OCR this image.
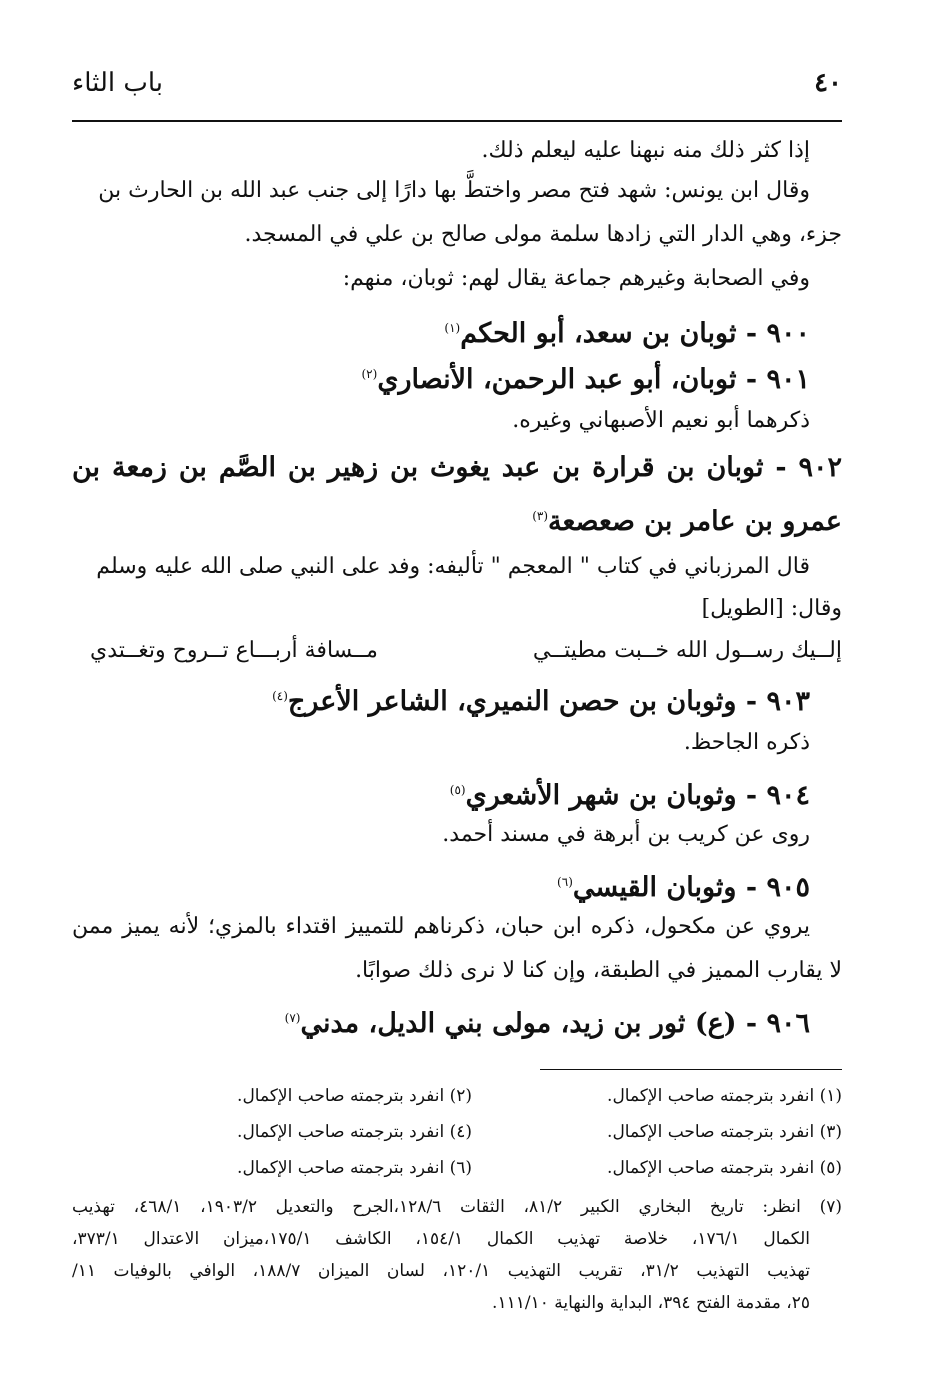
٤٠
باب الثاء
إذا كثر ذلك منه نبهنا عليه ليعلم ذلك.
وقال ابن يونس: شهد فتح مصر واختطَّ بها دارًا إلى جنب عبد الله بن الحارث بن
جزء، وهي الدار التي زادها سلمة مولى صالح بن علي في المسجد.
وفي الصحابة وغيرهم جماعة يقال لهم: ثوبان، منهم:
٩٠٠ - ثوبان بن سعد، أبو الحكم$^{(١)}$
٩٠١ - ثوبان، أبو عبد الرحمن، الأنصاري$^{(٢)}$
ذكرهما أبو نعيم الأصبهاني وغيره.
٩٠٢ - ثوبان بن قرارة بن عبد يغوث بن زهير بن الصَّم بن زمعة بن
عمرو بن عامر بن صعصعة$^{(٣)}$
قال المرزباني في كتاب " المعجم " تأليفه: وفد على النبي صلى الله عليه وسلم
وقال: [الطويل]
إلــيك رســول الله خــبت مطيتــي
مــسافة أربـــاع تــروح وتغــتدي
٩٠٣ - وثوبان بن حصن النميري، الشاعر الأعرج$^{(٤)}$
ذكره الجاحظ.
٩٠٤ - وثوبان بن شهر الأشعري$^{(٥)}$
روى عن كريب بن أبرهة في مسند أحمد.
٩٠٥ - وثوبان القيسي$^{(٦)}$
يروي عن مكحول، ذكره ابن حبان، ذكرناهم للتمييز اقتداء بالمزي؛ لأنه يميز ممن
لا يقارب المميز في الطبقة، وإن كنا لا نرى ذلك صوابًا.
٩٠٦ - (ع) ثور بن زيد، مولى بني الديل، مدني$^{(٧)}$
(١) انفرد بترجمته صاحب الإكمال.
(٢) انفرد بترجمته صاحب الإكمال.
(٣) انفرد بترجمته صاحب الإكمال.
(٤) انفرد بترجمته صاحب الإكمال.
(٥) انفرد بترجمته صاحب الإكمال.
(٦) انفرد بترجمته صاحب الإكمال.
(٧) انظر: تاريخ البخاري الكبير ٨١/٢، الثقات ١٢٨/٦،الجرح والتعديل ١٩٠٣/٢، ٤٦٨/١، تهذيب
الكمال ١٧٦/١، خلاصة تهذيب الكمال ١٥٤/١، الكاشف ١٧٥/١،ميزان الاعتدال ٣٧٣/١،
تهذيب التهذيب ٣١/٢، تقريب التهذيب ١٢٠/١، لسان الميزان ١٨٨/٧، الوافي بالوفيات ١١/
٢٥، مقدمة الفتح ٣٩٤، البداية والنهاية ١١١/١٠.
